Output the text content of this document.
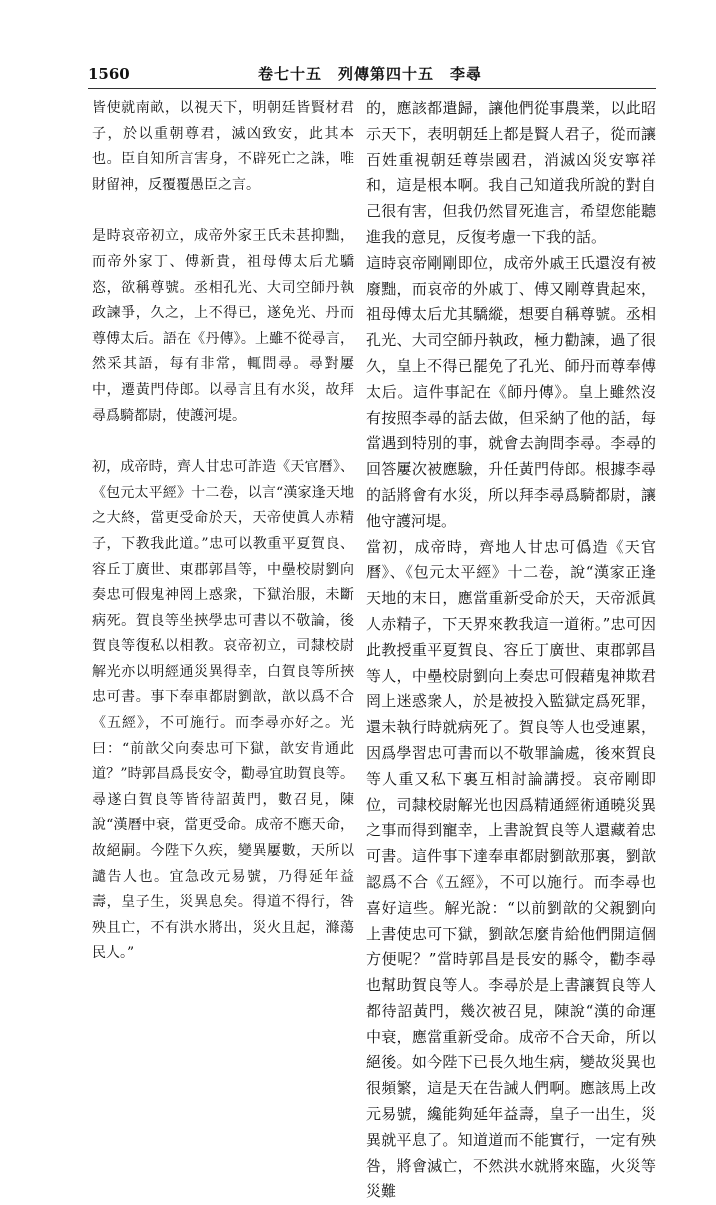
1560	卷七十五　列傳第四十五　李尋

皆使就南畝，以視天下，明朝廷皆賢材君子，於以重朝尊君，滅凶致安，此其本也。臣自知所言害身，不辟死亡之誅，唯財留神，反覆覆愚臣之言。

是時哀帝初立，成帝外家王氏未甚抑黜，而帝外家丁、傅新貴，祖母傅太后尤驕恣，欲稱尊號。丞相孔光、大司空師丹執政諫爭，久之，上不得已，遂免光、丹而尊傅太后。語在《丹傳》。上雖不從尋言，然采其語，每有非常，輒問尋。尋對屢中，遷黃門侍郎。以尋言且有水災，故拜尋爲騎都尉，使護河堤。

初，成帝時，齊人甘忠可詐造《天官曆》、《包元太平經》十二卷，以言“漢家逢天地之大終，當更受命於天，天帝使眞人赤精子，下教我此道。”忠可以教重平夏賀良、容丘丁廣世、東郡郭昌等，中壘校尉劉向奏忠可假鬼神罔上惑衆，下獄治服，未斷病死。賀良等坐挾學忠可書以不敬論，後賀良等復私以相教。哀帝初立，司隸校尉解光亦以明經通災異得幸，白賀良等所挾忠可書。事下奉車都尉劉歆，歆以爲不合《五經》，不可施行。而李尋亦好之。光曰：“前歆父向奏忠可下獄，歆安肯通此道？”時郭昌爲長安令，勸尋宜助賀良等。尋遂白賀良等皆待詔黃門，數召見，陳說“漢曆中衰，當更受命。成帝不應天命，故絕嗣。今陛下久疾，變異屢數，天所以譴告人也。宜急改元易號，乃得延年益壽，皇子生，災異息矣。得道不得行，咎殃且亡，不有洪水將出，災火且起，滌蕩民人。”

的，應該都遣歸，讓他們從事農業，以此昭示天下，表明朝廷上都是賢人君子，從而讓百姓重視朝廷尊崇國君，消滅凶災安寧祥和，這是根本啊。我自己知道我所說的對自己很有害，但我仍然冒死進言，希望您能聽進我的意見，反復考慮一下我的話。

這時哀帝剛剛即位，成帝外戚王氏還沒有被廢黜，而哀帝的外戚丁、傅又剛尊貴起來，祖母傅太后尤其驕縱，想要自稱尊號。丞相孔光、大司空師丹執政，極力勸諫，過了很久，皇上不得已罷免了孔光、師丹而尊奉傅太后。這件事記在《師丹傳》。皇上雖然沒有按照李尋的話去做，但采納了他的話，每當遇到特別的事，就會去詢問李尋。李尋的回答屢次被應驗，升任黃門侍郎。根據李尋的話將會有水災，所以拜李尋爲騎都尉，讓他守護河堤。

當初，成帝時，齊地人甘忠可僞造《天官曆》、《包元太平經》十二卷，說“漢家正逢天地的末日，應當重新受命於天，天帝派眞人赤精子，下天界來教我這一道術。”忠可因此教授重平夏賀良、容丘丁廣世、東郡郭昌等人，中壘校尉劉向上奏忠可假藉鬼神欺君罔上迷惑衆人，於是被投入監獄定爲死罪，還未執行時就病死了。賀良等人也受連累，因爲學習忠可書而以不敬罪論處，後來賀良等人重又私下裏互相討論講授。哀帝剛即位，司隸校尉解光也因爲精通經術通曉災異之事而得到寵幸，上書說賀良等人還藏着忠可書。這件事下達奉車都尉劉歆那裏，劉歆認爲不合《五經》，不可以施行。而李尋也喜好這些。解光說：“以前劉歆的父親劉向上書使忠可下獄，劉歆怎麼肯給他們開這個方便呢？”當時郭昌是長安的縣令，勸李尋也幫助賀良等人。李尋於是上書讓賀良等人都待詔黃門，幾次被召見，陳說“漢的命運中衰，應當重新受命。成帝不合天命，所以絕後。如今陛下已長久地生病，變故災異也很頻繁，這是天在告誡人們啊。應該馬上改元易號，纔能夠延年益壽，皇子一出生，災異就平息了。知道道而不能實行，一定有殃咎，將會滅亡，不然洪水就將來臨，火災等災難
